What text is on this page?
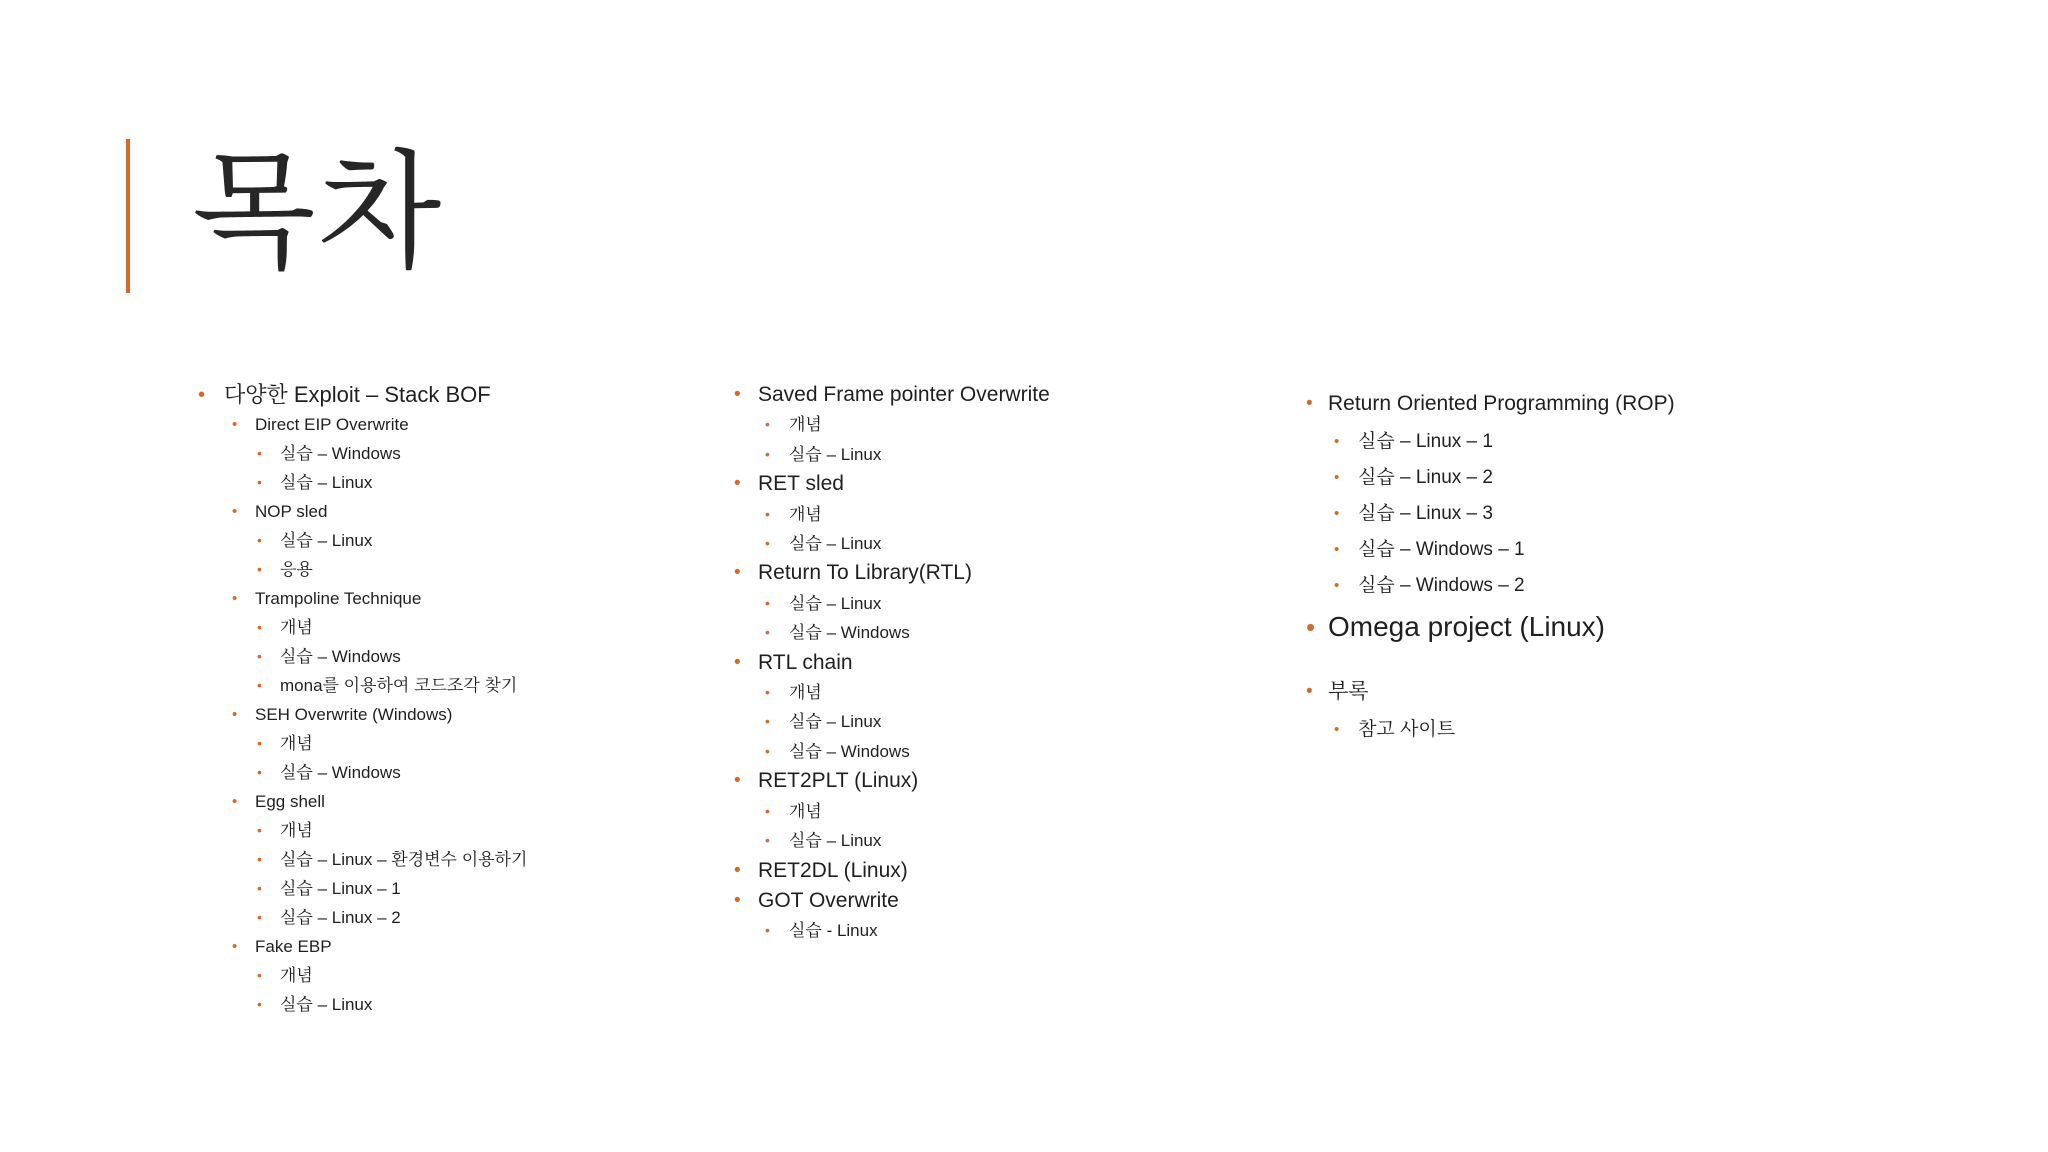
목차
• 다양한 Exploit – Stack BOF
• Direct EIP Overwrite
• 실습 – Windows
• 실습 – Linux
• NOP sled
• 실습 – Linux
• 응용
• Trampoline Technique
• 개념
• 실습 – Windows
• mona를 이용하여 코드조각 찾기
• SEH Overwrite (Windows)
• 개념
• 실습 – Windows
• Egg shell
• 개념
• 실습 – Linux – 환경변수 이용하기
• 실습 – Linux – 1
• 실습 – Linux – 2
• Fake EBP
• 개념
• 실습 – Linux
• Saved Frame pointer Overwrite
• 개념
• 실습 – Linux
• RET sled
• 개념
• 실습 – Linux
• Return To Library(RTL)
• 실습 – Linux
• 실습 – Windows
• RTL chain
• 개념
• 실습 – Linux
• 실습 – Windows
• RET2PLT (Linux)
• 개념
• 실습 – Linux
• RET2DL (Linux)
• GOT Overwrite
• 실습 - Linux
• Return Oriented Programming (ROP)
• 실습 – Linux – 1
• 실습 – Linux – 2
• 실습 – Linux – 3
• 실습 – Windows – 1
• 실습 – Windows – 2
• Omega project (Linux)
• 부록
• 참고 사이트
